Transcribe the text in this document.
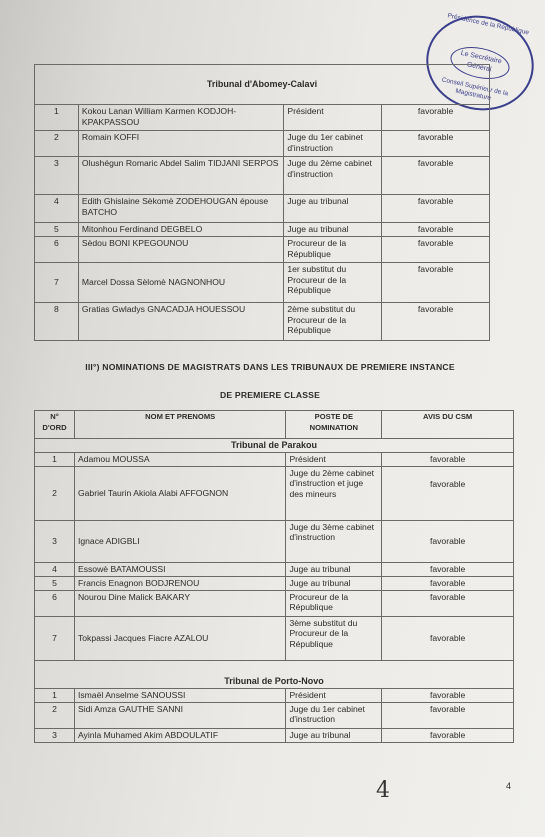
Présidence de la République
Le Secrétaire Général
Conseil Supérieur de la Magistrature
Tribunal d'Abomey-Calavi			
1	Kokou Lanan William Karmen KODJOH-KPAKPASSOU	Président	favorable
2	Romain KOFFI	Juge du 1er cabinet d'instruction	favorable
3	Olushégun Romaric Abdel Salim TIDJANI SERPOS	Juge du 2ème cabinet d'instruction	favorable
4	Edith Ghislaine Sèkomè ZODEHOUGAN épouse BATCHO	Juge au tribunal	favorable
5	Mitonhou Ferdinand DEGBELO	Juge au tribunal	favorable
6	Sèdou BONI KPEGOUNOU	Procureur de la République	favorable
7	Marcel Dossa Sèlomè NAGNONHOU	1er substitut du Procureur de la République	favorable
8	Gratias Gwladys GNACADJA HOUESSOU	2ème substitut du Procureur de la République	favorable
III°) NOMINATIONS DE MAGISTRATS DANS LES TRIBUNAUX DE PREMIERE INSTANCE
DE PREMIERE CLASSE
N° D'ORD	NOM ET PRENOMS	POSTE DE NOMINATION	AVIS DU CSM
Tribunal de Parakou			
1	Adamou MOUSSA	Président	favorable
2	Gabriel Taurin Akiola Alabi AFFOGNON	Juge du 2ème cabinet d'instruction et juge des mineurs	favorable
3	Ignace ADIGBLI	Juge du 3ème cabinet d'instruction	favorable
4	Essowè BATAMOUSSI	Juge au tribunal	favorable
5	Francis Enagnon BODJRENOU	Juge au tribunal	favorable
6	Nourou Dine Malick BAKARY	Procureur de la République	favorable
7	Tokpassi Jacques Fiacre AZALOU	3ème substitut du Procureur de la République	favorable
Tribunal de Porto-Novo			
1	Ismaël Anselme SANOUSSI	Président	favorable
2	Sidi Amza GAUTHE SANNI	Juge du 1er cabinet d'instruction	favorable
3	Ayinla Muhamed Akim ABDOULATIF	Juge au tribunal	favorable
4	4
